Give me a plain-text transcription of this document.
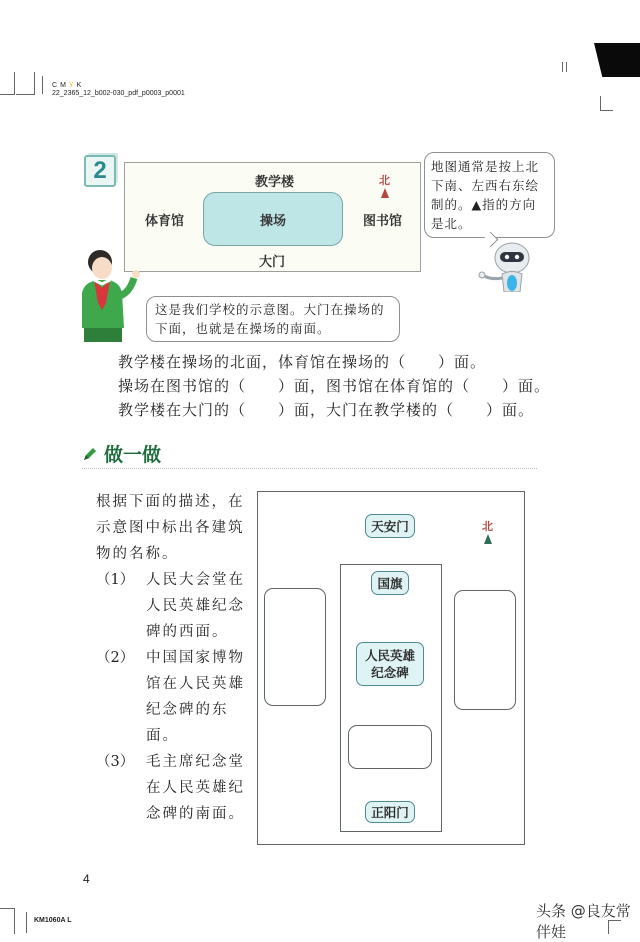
CMYK
22_2365_12_b002-030_pdf_p0003_p0001
2	教学楼
体育馆	操场	图书馆
大门
北
地图通常是按上北下南、左西右东绘制的。▲指的方向是北。
这是我们学校的示意图。大门在操场的下面，也就是在操场的南面。
教学楼在操场的北面，体育馆在操场的（　　）面。
操场在图书馆的（　　）面，图书馆在体育馆的（　　）面。
教学楼在大门的（　　）面，大门在教学楼的（　　）面。
做一做
根据下面的描述，在示意图中标出各建筑物的名称。
（1） 人民大会堂在人民英雄纪念碑的西面。
（2） 中国国家博物馆在人民英雄纪念碑的东面。
（3） 毛主席纪念堂在人民英雄纪念碑的南面。
天安门	北
国旗
人民英雄
纪念碑
正阳门
4
KM1060A L
头条 @良友常伴娃
